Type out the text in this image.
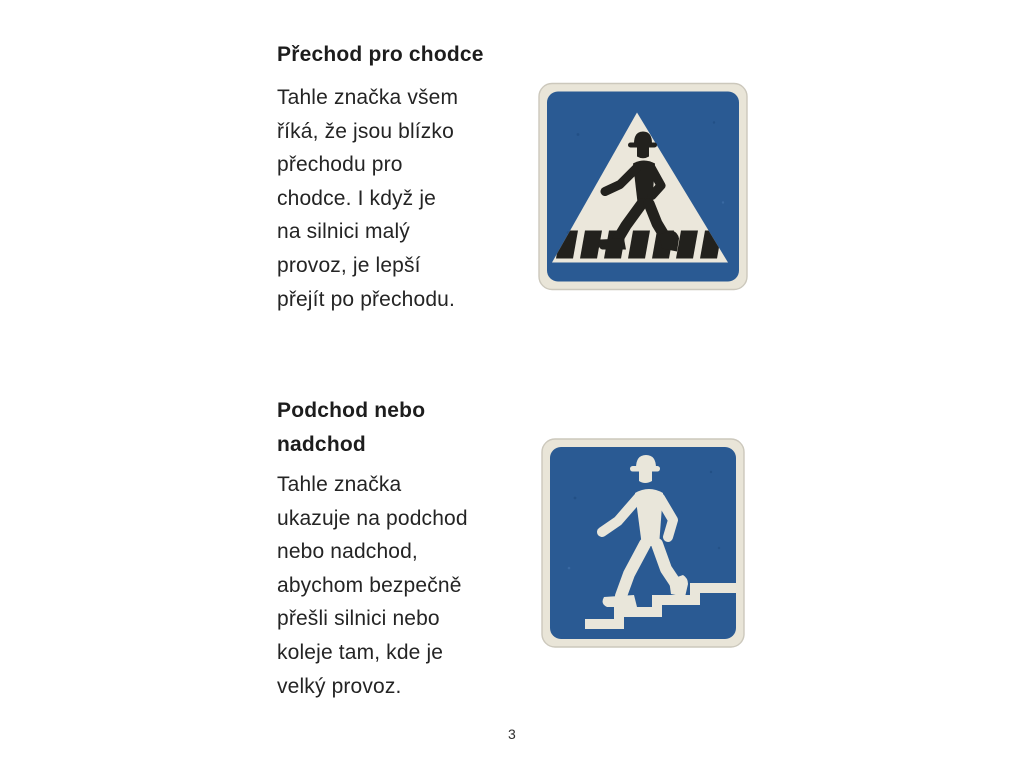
Přechod pro chodce

Tahle značka všem
říká, že jsou blízko
přechodu pro
chodce. I když je
na silnici malý
provoz, je lepší
přejít po přechodu.

Podchod nebo
nadchod

Tahle značka
ukazuje na podchod
nebo nadchod,
abychom bezpečně
přešli silnici nebo
koleje tam, kde je
velký provoz.

3
